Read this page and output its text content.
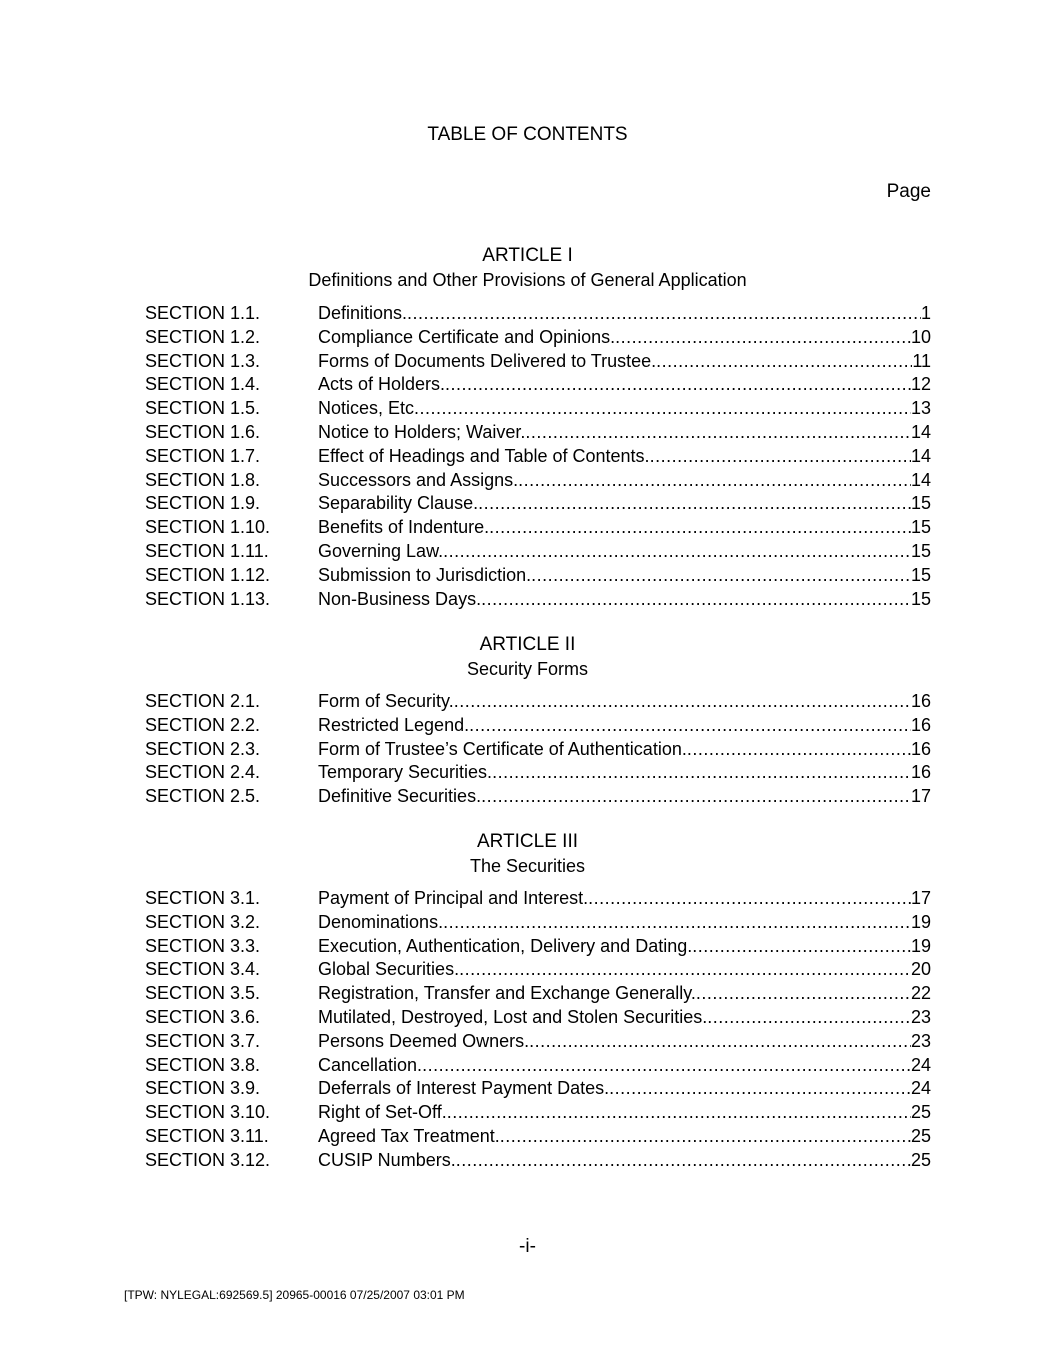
TABLE OF CONTENTS
Page
ARTICLE I
Definitions and Other Provisions of General Application
SECTION 1.1.	Definitions. .....	1
SECTION 1.2.	Compliance Certificate and Opinions. .....	10
SECTION 1.3.	Forms of Documents Delivered to Trustee. .....	11
SECTION 1.4.	Acts of Holders. .....	12
SECTION 1.5.	Notices, Etc .....	13
SECTION 1.6.	Notice to Holders; Waiver. .....	14
SECTION 1.7.	Effect of Headings and Table of Contents. .....	14
SECTION 1.8.	Successors and Assigns. .....	14
SECTION 1.9.	Separability Clause. .....	15
SECTION 1.10.	Benefits of Indenture. .....	15
SECTION 1.11.	Governing Law. .....	15
SECTION 1.12.	Submission to Jurisdiction. .....	15
SECTION 1.13.	Non-Business Days. .....	15
ARTICLE II
Security Forms
SECTION 2.1.	Form of Security. .....	16
SECTION 2.2.	Restricted Legend. .....	16
SECTION 2.3.	Form of Trustee’s Certificate of Authentication. .....	16
SECTION 2.4.	Temporary Securities. .....	16
SECTION 2.5.	Definitive Securities. .....	17
ARTICLE III
The Securities
SECTION 3.1.	Payment of Principal and Interest. .....	17
SECTION 3.2.	Denominations. .....	19
SECTION 3.3.	Execution, Authentication, Delivery and Dating. .....	19
SECTION 3.4.	Global Securities. .....	20
SECTION 3.5.	Registration, Transfer and Exchange Generally. .....	22
SECTION 3.6.	Mutilated, Destroyed, Lost and Stolen Securities. .....	23
SECTION 3.7.	Persons Deemed Owners. .....	23
SECTION 3.8.	Cancellation. .....	24
SECTION 3.9.	Deferrals of Interest Payment Dates. .....	24
SECTION 3.10.	Right of Set-Off. .....	25
SECTION 3.11.	Agreed Tax Treatment. .....	25
SECTION 3.12.	CUSIP Numbers. .....	25
-i-
[TPW: NYLEGAL:692569.5] 20965-00016 07/25/2007 03:01 PM
